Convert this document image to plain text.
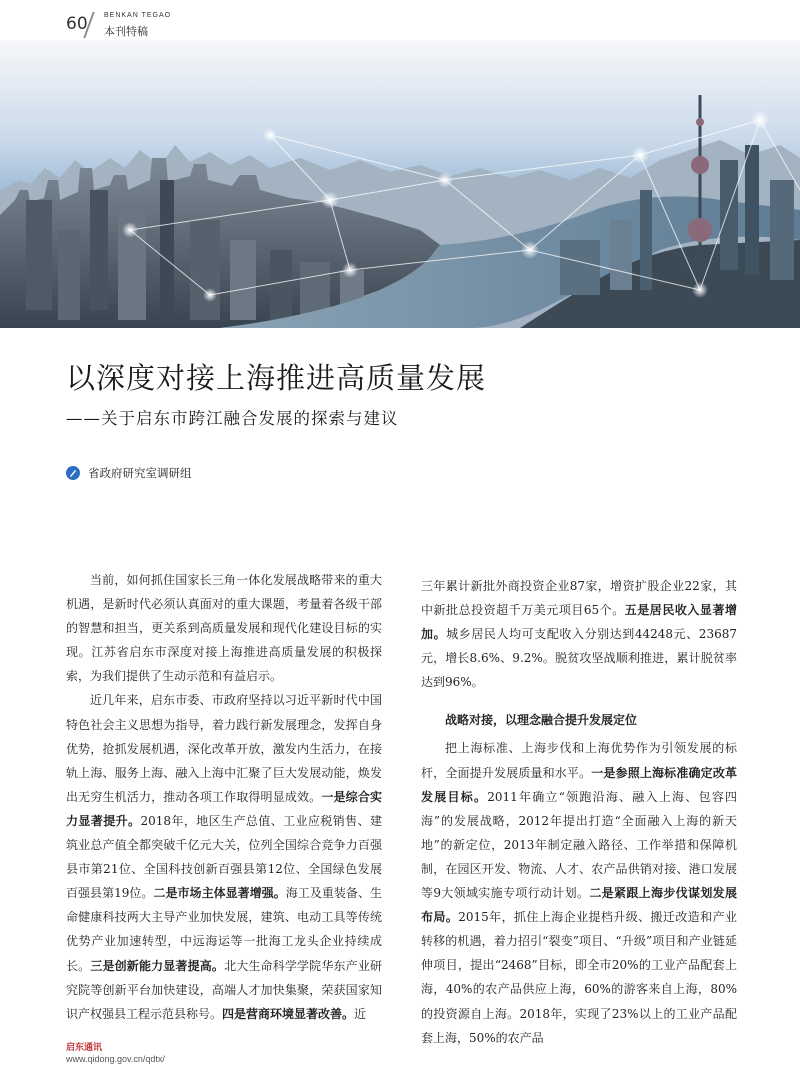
60 BENKAN TEGAO
本刊特稿
以深度对接上海推进高质量发展
——关于启东市跨江融合发展的探索与建议
省政府研究室调研组

当前，如何抓住国家长三角一体化发展战略带来的重大机遇，是新时代必须认真面对的重大课题，考量着各级干部的智慧和担当，更关系到高质量发展和现代化建设目标的实现。江苏省启东市深度对接上海推进高质量发展的积极探索，为我们提供了生动示范和有益启示。

近几年来，启东市委、市政府坚持以习近平新时代中国特色社会主义思想为指导，着力践行新发展理念，发挥自身优势，抢抓发展机遇，深化改革开放，激发内生活力，在接轨上海、服务上海、融入上海中汇聚了巨大发展动能，焕发出无穷生机活力，推动各项工作取得明显成效。一是综合实力显著提升。2018年，地区生产总值、工业应税销售、建筑业总产值全都突破千亿元大关，位列全国综合竞争力百强县市第21位、全国科技创新百强县第12位、全国绿色发展百强县第19位。二是市场主体显著增强。海工及重装备、生命健康科技两大主导产业加快发展，建筑、电动工具等传统优势产业加速转型，中远海运等一批海工龙头企业持续成长。三是创新能力显著提高。北大生命科学学院华东产业研究院等创新平台加快建设，高端人才加快集聚，荣获国家知识产权强县工程示范县称号。四是营商环境显著改善。近

三年累计新批外商投资企业87家，增资扩股企业22家，其中新批总投资超千万美元项目65个。五是居民收入显著增加。城乡居民人均可支配收入分别达到44248元、23687元，增长8.6%、9.2%。脱贫攻坚战顺利推进，累计脱贫率达到96%。

战略对接，以理念融合提升发展定位

把上海标准、上海步伐和上海优势作为引领发展的标杆，全面提升发展质量和水平。一是参照上海标准确定改革发展目标。2011年确立“领跑沿海、融入上海、包容四海”的发展战略，2012年提出打造“全面融入上海的新天地”的新定位，2013年制定融入路径、工作举措和保障机制，在园区开发、物流、人才、农产品供销对接、港口发展等9大领域实施专项行动计划。二是紧跟上海步伐谋划发展布局。2015年，抓住上海企业提档升级、搬迁改造和产业转移的机遇，着力招引“裂变”项目、“升级”项目和产业链延伸项目，提出“2468”目标，即全市20%的工业产品配套上海，40%的农产品供应上海，60%的游客来自上海，80%的投资源自上海。2018年，实现了23%以上的工业产品配套上海，50%的农产品

启东通讯
www.qidong.gov.cn/qdtx/
